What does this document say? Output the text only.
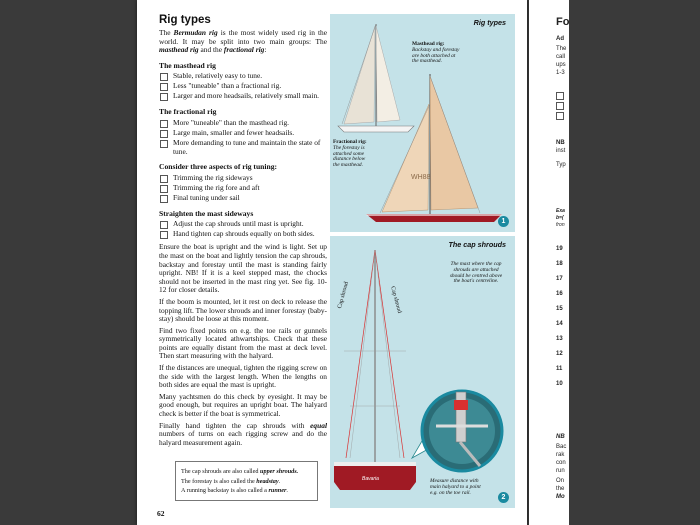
Rig types

The Bermudan rig is the most widely used rig in the world. It may be split into two main groups: The masthead rig and the fractional rig:

The masthead rig
Stable, relatively easy to tune.
Less "tuneable" than a fractional rig.
Larger and more headsails, relatively small main.
The fractional rig
More "tuneable" than the masthead rig.
Large main, smaller and fewer headsails.
More demanding to tune and maintain the state of tune.
Consider three aspects of rig tuning:
Trimming the rig sideways
Trimming the rig fore and aft
Final tuning under sail
Straighten the mast sideways
Adjust the cap shrouds until mast is upright.
Hand tighten cap shrouds equally on both sides.

Ensure the boat is upright and the wind is light. Set up the mast on the boat and lightly tension the cap shrouds, backstay and forestay until the mast is standing fairly upright. NB! If it is a keel stepped mast, the chocks should not be inserted in the mast ring yet. See fig. 10-12 for closer details.

If the boom is mounted, let it rest on deck to release the topping lift. The lower shrouds and inner forestay (baby-stay) should be loose at this moment.

Find two fixed points on e.g. the toe rails or gunnels symmetrically located athwartships. Check that these points are equally distant from the mast at deck level. Then start measuring with the halyard.

If the distances are unequal, tighten the rigging screw on the side with the largest length. When the lengths on both sides are equal the mast is upright.

Many yachtsmen do this check by eyesight. It may be good enough, but requires an upright boat. The halyard check is better if the boat is symmetrical.

Finally hand tighten the cap shrouds with equal numbers of turns on each rigging screw and do the halyard measurement again.

The cap shrouds are also called upper shrouds.
The forestay is also called the headstay.
A running backstay is also called a runner.
62
Rig types
WH88
Masthead rig:
Backstay and forestay
are both attached at
the masthead.
Fractional rig:
The forestay is
attached some
distance below
the masthead.
1
The cap shrouds
Bavaria
The mast where the cap
shrouds are attached
should be centred above
the boat's centreline.
Cap shroud	Cap shroud
Measure distance with
main halyard to a point
e.g. on the toe rail.
2
Fo
Ad
The
call
ups
1-3
NB
inst
Typ
Exa
b=(
fron
19
18
17
16
15
14
13
12
11
10
NB
Bac
rak
con
run
On
the
Mo
